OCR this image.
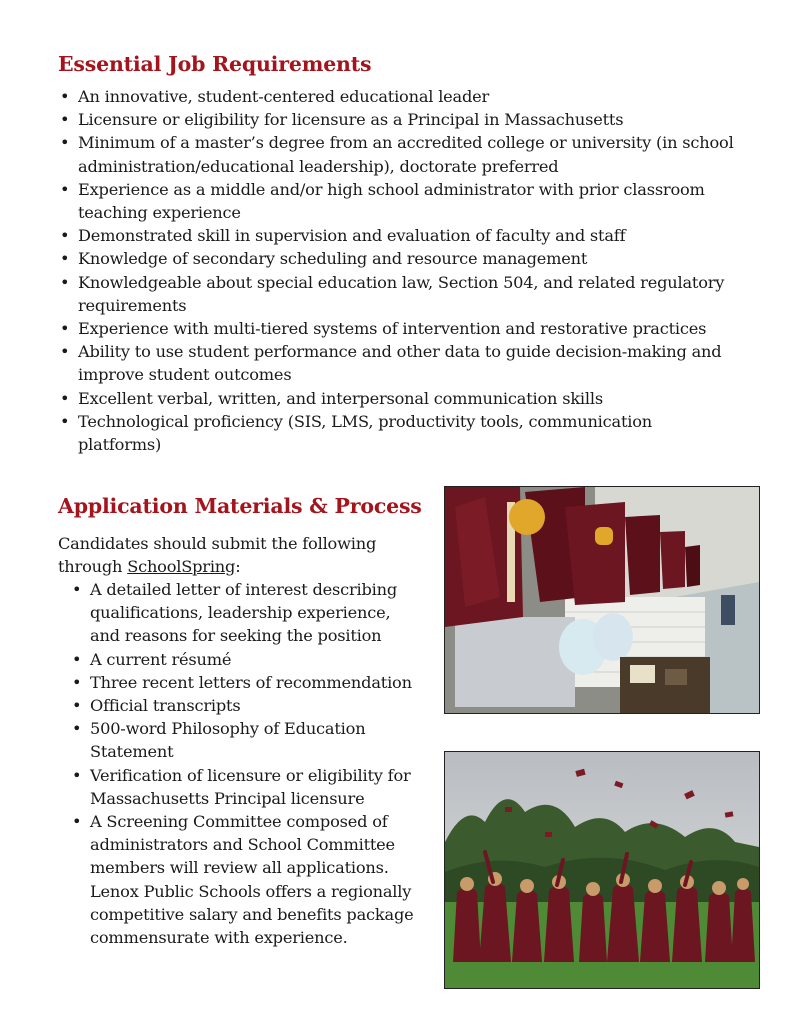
Essential Job Requirements
• An innovative, student-centered educational leader
• Licensure or eligibility for licensure as a Principal in Massachusetts
• Minimum of a master’s degree from an accredited college or university (in school administration/educational leadership), doctorate preferred
• Experience as a middle and/or high school administrator with prior classroom teaching experience
• Demonstrated skill in supervision and evaluation of faculty and staff
• Knowledge of secondary scheduling and resource management
• Knowledgeable about special education law, Section 504, and related regulatory requirements
• Experience with multi-tiered systems of intervention and restorative practices
• Ability to use student performance and other data to guide decision-making and improve student outcomes
• Excellent verbal, written, and interpersonal communication skills
• Technological proficiency (SIS, LMS, productivity tools, communication platforms)
Application Materials & Process

Candidates should submit the following through SchoolSpring:

• A detailed letter of interest describing qualifications, leadership experience, and reasons for seeking the position
• A current résumé
• Three recent letters of recommendation
• Official transcripts
• 500-word Philosophy of Education Statement
• Verification of licensure or eligibility for Massachusetts Principal licensure
• A Screening Committee composed of administrators and School Committee members will review all applications. Lenox Public Schools offers a regionally competitive salary and benefits package commensurate with experience.
